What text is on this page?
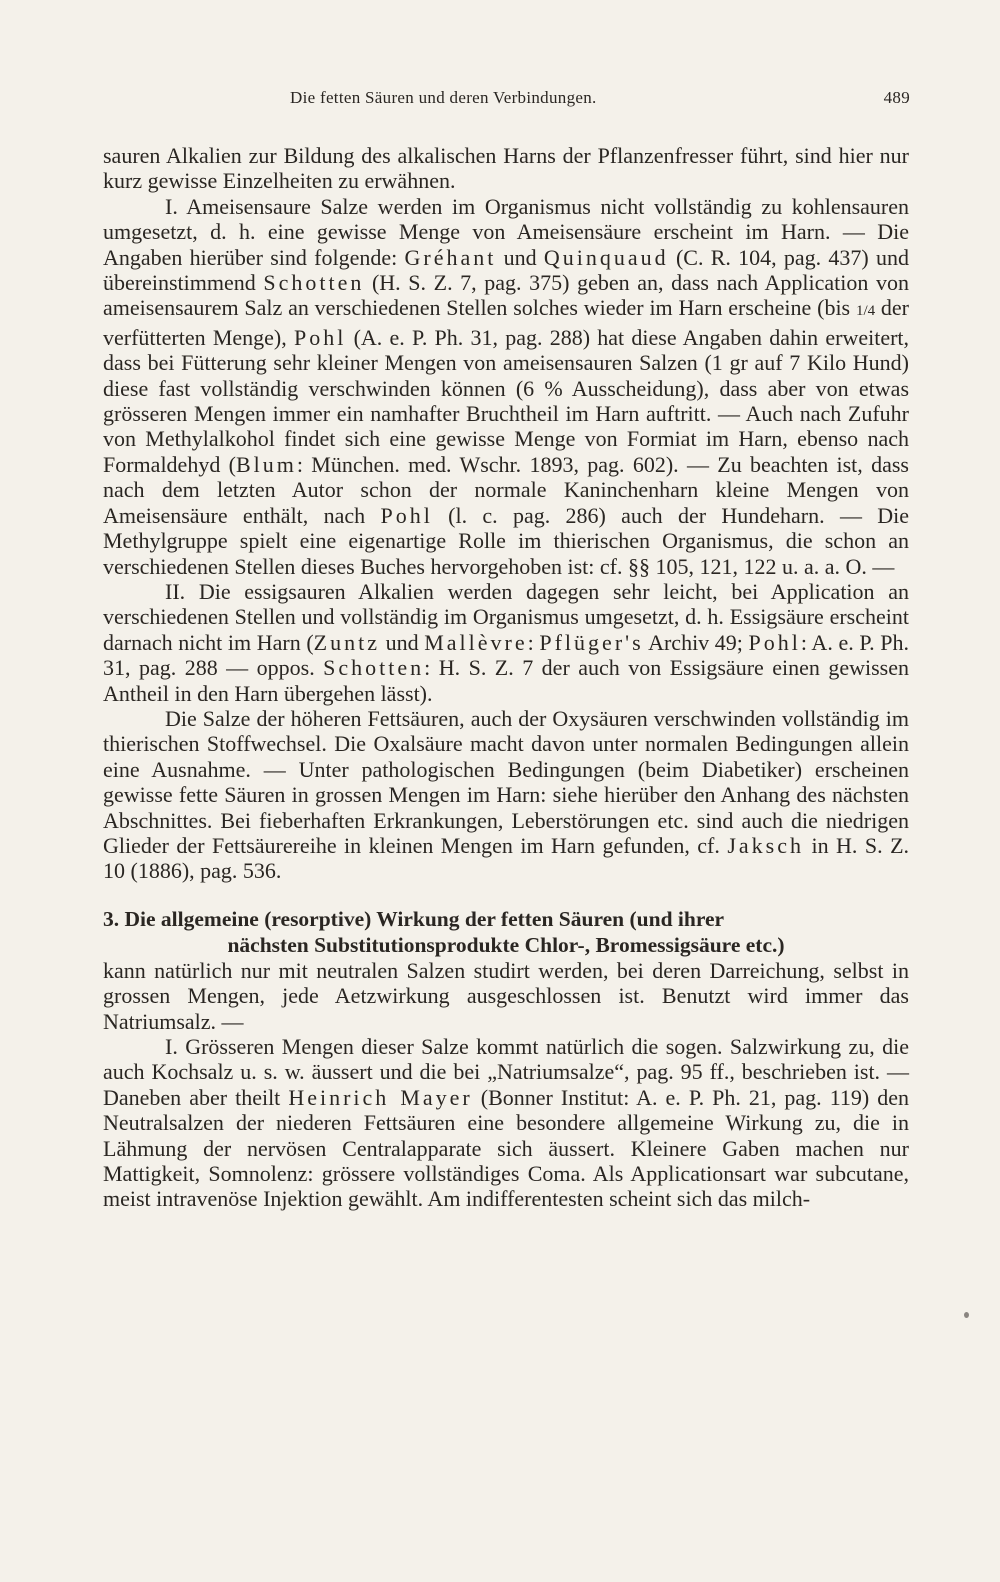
Die fetten Säuren und deren Verbindungen.	489

sauren Alkalien zur Bildung des alkalischen Harns der Pflanzenfresser führt, sind hier nur kurz gewisse Einzelheiten zu erwähnen.

I. Ameisensaure Salze werden im Organismus nicht vollständig zu kohlensauren umgesetzt, d. h. eine gewisse Menge von Ameisensäure erscheint im Harn. — Die Angaben hierüber sind folgende: Gréhant und Quinquaud (C. R. 104, pag. 437) und übereinstimmend Schotten (H. S. Z. 7, pag. 375) geben an, dass nach Application von ameisensaurem Salz an verschiedenen Stellen solches wieder im Harn erscheine (bis 1/4 der verfütterten Menge), Pohl (A. e. P. Ph. 31, pag. 288) hat diese Angaben dahin erweitert, dass bei Fütterung sehr kleiner Mengen von ameisensauren Salzen (1 gr auf 7 Kilo Hund) diese fast vollständig verschwinden können (6 % Ausscheidung), dass aber von etwas grösseren Mengen immer ein namhafter Bruchtheil im Harn auftritt. — Auch nach Zufuhr von Methylalkohol findet sich eine gewisse Menge von Formiat im Harn, ebenso nach Formaldehyd (Blum: München. med. Wschr. 1893, pag. 602). — Zu beachten ist, dass nach dem letzten Autor schon der normale Kaninchenharn kleine Mengen von Ameisensäure enthält, nach Pohl (l. c. pag. 286) auch der Hundeharn. — Die Methylgruppe spielt eine eigenartige Rolle im thierischen Organismus, die schon an verschiedenen Stellen dieses Buches hervorgehoben ist: cf. §§ 105, 121, 122 u. a. a. O. —

II. Die essigsauren Alkalien werden dagegen sehr leicht, bei Application an verschiedenen Stellen und vollständig im Organismus umgesetzt, d. h. Essigsäure erscheint darnach nicht im Harn (Zuntz und Mallèvre: Pflüger's Archiv 49; Pohl: A. e. P. Ph. 31, pag. 288 — oppos. Schotten: H. S. Z. 7 der auch von Essigsäure einen gewissen Antheil in den Harn übergehen lässt).

Die Salze der höheren Fettsäuren, auch der Oxysäuren verschwinden vollständig im thierischen Stoffwechsel. Die Oxalsäure macht davon unter normalen Bedingungen allein eine Ausnahme. — Unter pathologischen Bedingungen (beim Diabetiker) erscheinen gewisse fette Säuren in grossen Mengen im Harn: siehe hierüber den Anhang des nächsten Abschnittes. Bei fieberhaften Erkrankungen, Leberstörungen etc. sind auch die niedrigen Glieder der Fettsäurereihe in kleinen Mengen im Harn gefunden, cf. Jaksch in H. S. Z. 10 (1886), pag. 536.

3. Die allgemeine (resorptive) Wirkung der fetten Säuren (und ihrer
nächsten Substitutionsprodukte Chlor-, Bromessigsäure etc.)

kann natürlich nur mit neutralen Salzen studirt werden, bei deren Darreichung, selbst in grossen Mengen, jede Aetzwirkung ausgeschlossen ist. Benutzt wird immer das Natriumsalz. —

I. Grösseren Mengen dieser Salze kommt natürlich die sogen. Salzwirkung zu, die auch Kochsalz u. s. w. äussert und die bei „Natriumsalze“, pag. 95 ff., beschrieben ist. — Daneben aber theilt Heinrich Mayer (Bonner Institut: A. e. P. Ph. 21, pag. 119) den Neutralsalzen der niederen Fettsäuren eine besondere allgemeine Wirkung zu, die in Lähmung der nervösen Centralapparate sich äussert. Kleinere Gaben machen nur Mattigkeit, Somnolenz: grössere vollständiges Coma. Als Applicationsart war subcutane, meist intravenöse Injektion gewählt. Am indifferentesten scheint sich das milch-
